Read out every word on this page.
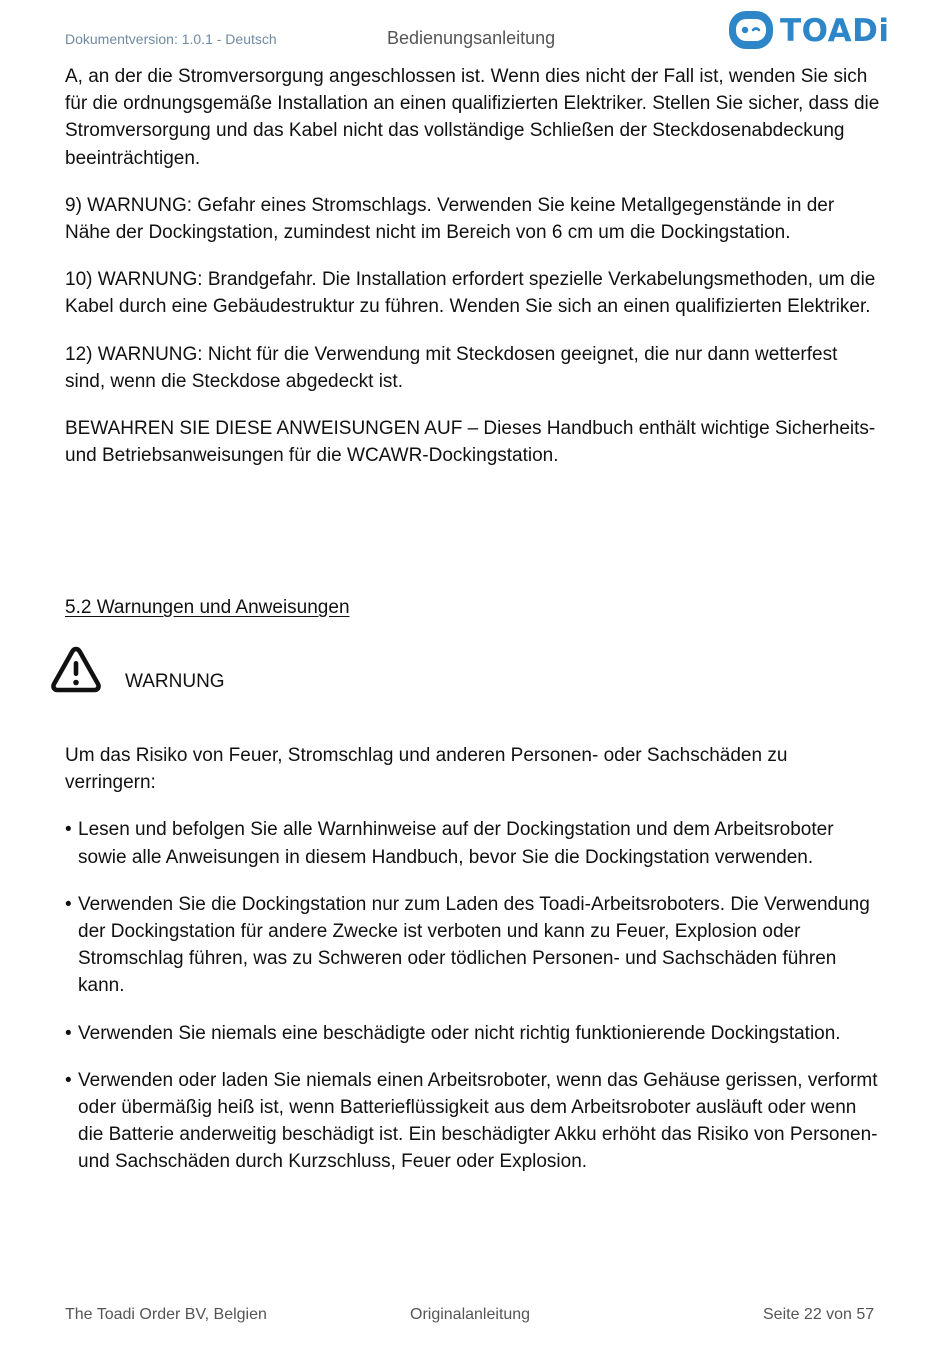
Dokumentversion: 1.0.1 - Deutsch	Bedienungsanleitung	TOADi

A, an der die Stromversorgung angeschlossen ist. Wenn dies nicht der Fall ist, wenden Sie sich für die ordnungsgemäße Installation an einen qualifizierten Elektriker. Stellen Sie sicher, dass die Stromversorgung und das Kabel nicht das vollständige Schließen der Steckdosenabdeckung beeinträchtigen.

9) WARNUNG: Gefahr eines Stromschlags. Verwenden Sie keine Metallgegenstände in der Nähe der Dockingstation, zumindest nicht im Bereich von 6 cm um die Dockingstation.

10) WARNUNG: Brandgefahr. Die Installation erfordert spezielle Verkabelungsmethoden, um die Kabel durch eine Gebäudestruktur zu führen. Wenden Sie sich an einen qualifizierten Elektriker.

12) WARNUNG: Nicht für die Verwendung mit Steckdosen geeignet, die nur dann wetterfest sind, wenn die Steckdose abgedeckt ist.

BEWAHREN SIE DIESE ANWEISUNGEN AUF – Dieses Handbuch enthält wichtige Sicherheits- und Betriebsanweisungen für die WCAWR-Dockingstation.

5.2 Warnungen und Anweisungen
WARNUNG

Um das Risiko von Feuer, Stromschlag und anderen Personen- oder Sachschäden zu verringern:

• Lesen und befolgen Sie alle Warnhinweise auf der Dockingstation und dem Arbeitsroboter sowie alle Anweisungen in diesem Handbuch, bevor Sie die Dockingstation verwenden.

• Verwenden Sie die Dockingstation nur zum Laden des Toadi-Arbeitsroboters. Die Verwendung der Dockingstation für andere Zwecke ist verboten und kann zu Feuer, Explosion oder Stromschlag führen, was zu Schweren oder tödlichen Personen- und Sachschäden führen kann.

• Verwenden Sie niemals eine beschädigte oder nicht richtig funktionierende Dockingstation.

• Verwenden oder laden Sie niemals einen Arbeitsroboter, wenn das Gehäuse gerissen, verformt oder übermäßig heiß ist, wenn Batterieflüssigkeit aus dem Arbeitsroboter ausläuft oder wenn die Batterie anderweitig beschädigt ist. Ein beschädigter Akku erhöht das Risiko von Personen- und Sachschäden durch Kurzschluss, Feuer oder Explosion.

The Toadi Order BV, Belgien	Originalanleitung	Seite 22 von 57
